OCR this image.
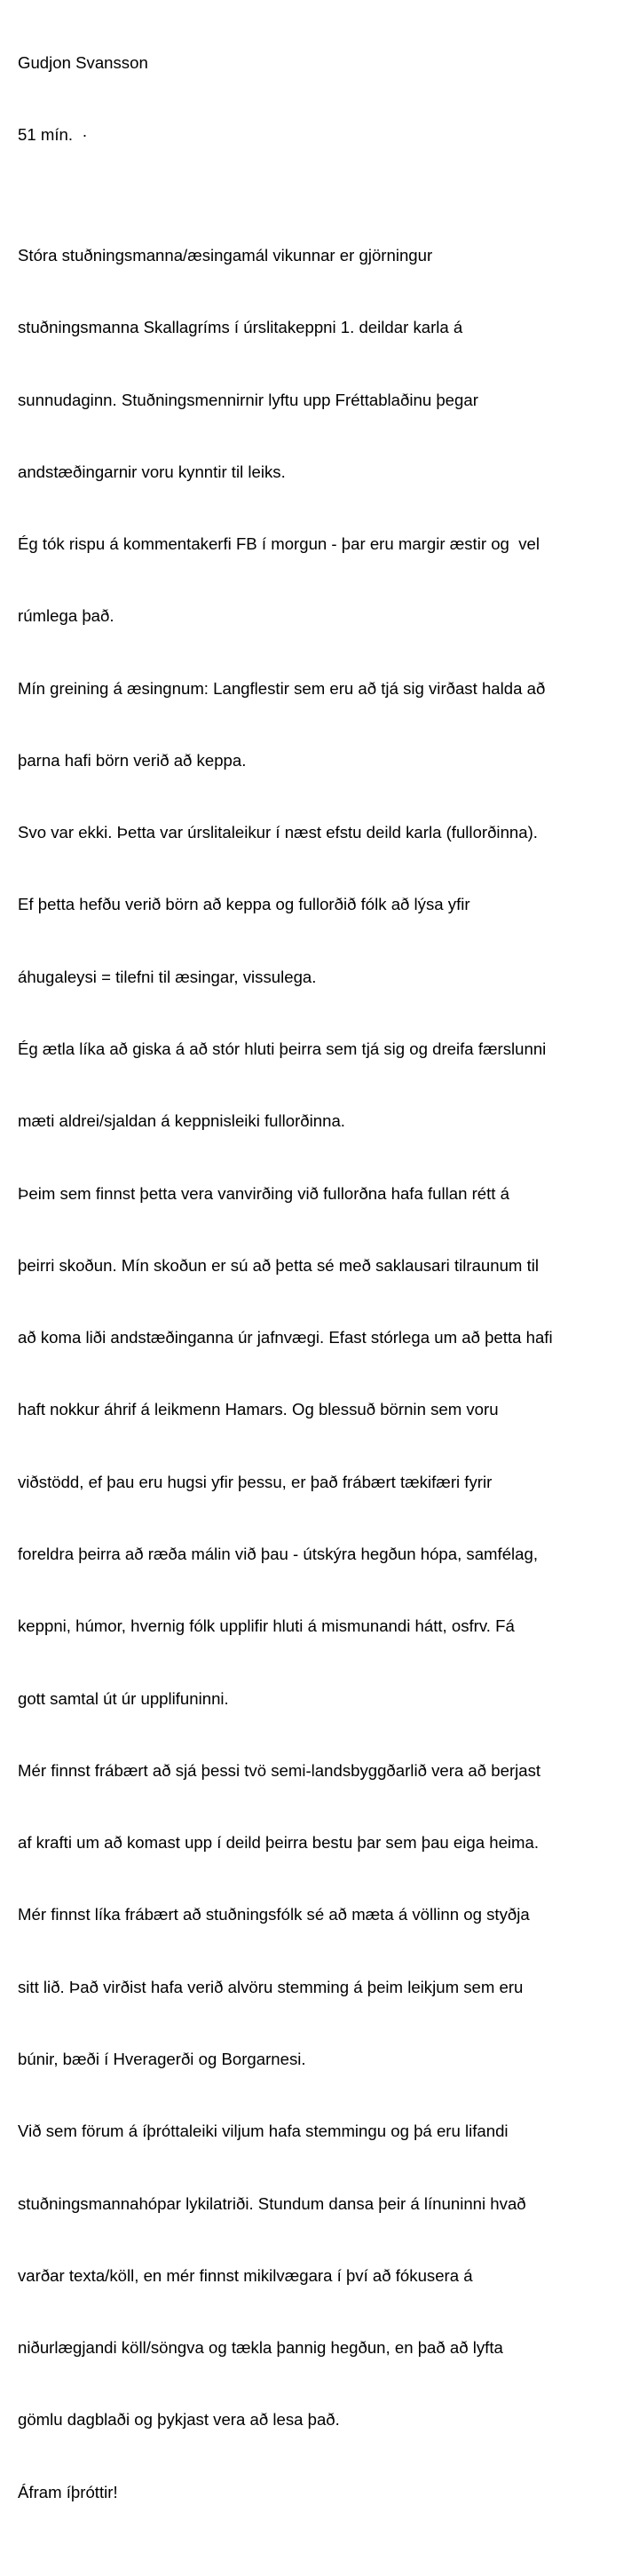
Gudjon Svansson

51 mín.  ·

Stóra stuðningsmanna/æsingamál vikunnar er gjörningur

stuðningsmanna Skallagríms í úrslitakeppni 1. deildar karla á

sunnudaginn. Stuðningsmennirnir lyftu upp Fréttablaðinu þegar

andstæðingarnir voru kynntir til leiks.

Ég tók rispu á kommentakerfi FB í morgun - þar eru margir æstir og  vel

rúmlega það.

Mín greining á æsingnum: Langflestir sem eru að tjá sig virðast halda að

þarna hafi börn verið að keppa.

Svo var ekki. Þetta var úrslitaleikur í næst efstu deild karla (fullorðinna).

Ef þetta hefðu verið börn að keppa og fullorðið fólk að lýsa yfir

áhugaleysi = tilefni til æsingar, vissulega.

Ég ætla líka að giska á að stór hluti þeirra sem tjá sig og dreifa færslunni

mæti aldrei/sjaldan á keppnisleiki fullorðinna.

Þeim sem finnst þetta vera vanvirðing við fullorðna hafa fullan rétt á

þeirri skoðun. Mín skoðun er sú að þetta sé með saklausari tilraunum til

að koma liði andstæðinganna úr jafnvægi. Efast stórlega um að þetta hafi

haft nokkur áhrif á leikmenn Hamars. Og blessuð börnin sem voru

viðstödd, ef þau eru hugsi yfir þessu, er það frábært tækifæri fyrir

foreldra þeirra að ræða málin við þau - útskýra hegðun hópa, samfélag,

keppni, húmor, hvernig fólk upplifir hluti á mismunandi hátt, osfrv. Fá

gott samtal út úr upplifuninni.

Mér finnst frábært að sjá þessi tvö semi-landsbyggðarlið vera að berjast

af krafti um að komast upp í deild þeirra bestu þar sem þau eiga heima.

Mér finnst líka frábært að stuðningsfólk sé að mæta á völlinn og styðja

sitt lið. Það virðist hafa verið alvöru stemming á þeim leikjum sem eru

búnir, bæði í Hveragerði og Borgarnesi.

Við sem förum á íþróttaleiki viljum hafa stemmingu og þá eru lifandi

stuðningsmannahópar lykilatriði. Stundum dansa þeir á línuninni hvað

varðar texta/köll, en mér finnst mikilvægara í því að fókusera á

niðurlægjandi köll/söngva og tækla þannig hegðun, en það að lyfta

gömlu dagblaði og þykjast vera að lesa það.

Áfram íþróttir!
